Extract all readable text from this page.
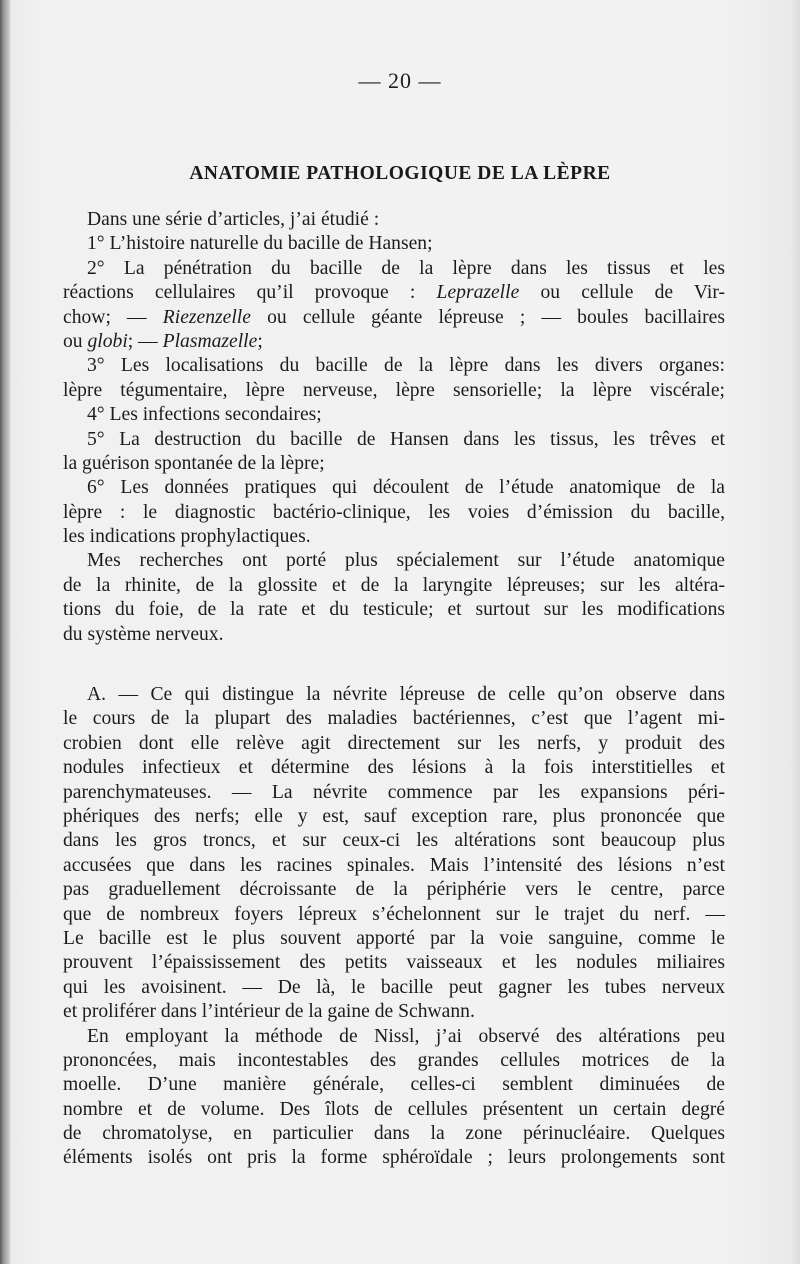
— 20 —
ANATOMIE PATHOLOGIQUE DE LA LÈPRE
Dans une série d’articles, j’ai étudié :
1° L’histoire naturelle du bacille de Hansen;
2° La pénétration du bacille de la lèpre dans les tissus et les
réactions cellulaires qu’il provoque : Leprazelle ou cellule de Vir-
chow; — Riezenzelle ou cellule géante lépreuse ; — boules bacillaires
ou globi; — Plasmazelle;
3° Les localisations du bacille de la lèpre dans les divers organes:
lèpre tégumentaire, lèpre nerveuse, lèpre sensorielle; la lèpre viscérale;
4° Les infections secondaires;
5° La destruction du bacille de Hansen dans les tissus, les trêves et
la guérison spontanée de la lèpre;
6° Les données pratiques qui découlent de l’étude anatomique de la
lèpre : le diagnostic bactério-clinique, les voies d’émission du bacille,
les indications prophylactiques.
Mes recherches ont porté plus spécialement sur l’étude anatomique
de la rhinite, de la glossite et de la laryngite lépreuses; sur les altéra-
tions du foie, de la rate et du testicule; et surtout sur les modifications
du système nerveux.
A. — Ce qui distingue la névrite lépreuse de celle qu’on observe dans
le cours de la plupart des maladies bactériennes, c’est que l’agent mi-
crobien dont elle relève agit directement sur les nerfs, y produit des
nodules infectieux et détermine des lésions à la fois interstitielles et
parenchymateuses. — La névrite commence par les expansions péri-
phériques des nerfs; elle y est, sauf exception rare, plus prononcée que
dans les gros troncs, et sur ceux-ci les altérations sont beaucoup plus
accusées que dans les racines spinales. Mais l’intensité des lésions n’est
pas graduellement décroissante de la périphérie vers le centre, parce
que de nombreux foyers lépreux s’échelonnent sur le trajet du nerf. —
Le bacille est le plus souvent apporté par la voie sanguine, comme le
prouvent l’épaississement des petits vaisseaux et les nodules miliaires
qui les avoisinent. — De là, le bacille peut gagner les tubes nerveux
et proliférer dans l’intérieur de la gaine de Schwann.
En employant la méthode de Nissl, j’ai observé des altérations peu
prononcées, mais incontestables des grandes cellules motrices de la
moelle. D’une manière générale, celles-ci semblent diminuées de
nombre et de volume. Des îlots de cellules présentent un certain degré
de chromatolyse, en particulier dans la zone périnucléaire. Quelques
éléments isolés ont pris la forme sphéroïdale ; leurs prolongements sont
